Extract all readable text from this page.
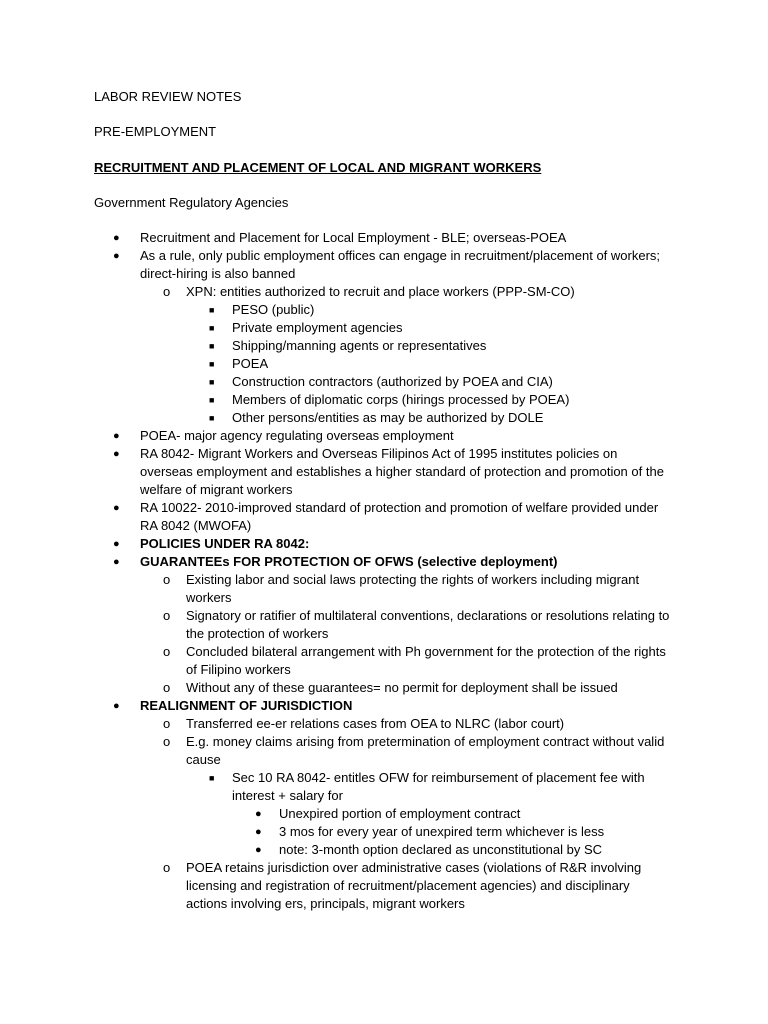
LABOR REVIEW NOTES

PRE-EMPLOYMENT

RECRUITMENT AND PLACEMENT OF LOCAL AND MIGRANT WORKERS

Government Regulatory Agencies

●	Recruitment and Placement for Local Employment - BLE; overseas-POEA
●	As a rule, only public employment offices can engage in recruitment/placement of workers; direct-hiring is also banned
o	XPN: entities authorized to recruit and place workers (PPP-SM-CO)
■	PESO (public)
■	Private employment agencies
■	Shipping/manning agents or representatives
■	POEA
■	Construction contractors (authorized by POEA and CIA)
■	Members of diplomatic corps (hirings processed by POEA)
■	Other persons/entities as may be authorized by DOLE
●	POEA- major agency regulating overseas employment
●	RA 8042- Migrant Workers and Overseas Filipinos Act of 1995 institutes policies on overseas employment and establishes a higher standard of protection and promotion of the welfare of migrant workers
●	RA 10022- 2010-improved standard of protection and promotion of welfare provided under RA 8042 (MWOFA)
●	POLICIES UNDER RA 8042:
●	GUARANTEEs FOR PROTECTION OF OFWS (selective deployment)
o	Existing labor and social laws protecting the rights of workers including migrant workers
o	Signatory or ratifier of multilateral conventions, declarations or resolutions relating to the protection of workers
o	Concluded bilateral arrangement with Ph government for the protection of the rights of Filipino workers
o	Without any of these guarantees= no permit for deployment shall be issued
●	REALIGNMENT OF JURISDICTION
o	Transferred ee-er relations cases from OEA to NLRC (labor court)
o	E.g. money claims arising from pretermination of employment contract without valid cause
■	Sec 10 RA 8042- entitles OFW for reimbursement of placement fee with interest + salary for
●	Unexpired portion of employment contract
●	3 mos for every year of unexpired term whichever is less
●	note: 3-month option declared as unconstitutional by SC
o	POEA retains jurisdiction over administrative cases (violations of R&R involving licensing and registration of recruitment/placement agencies) and disciplinary actions involving ers, principals, migrant workers
